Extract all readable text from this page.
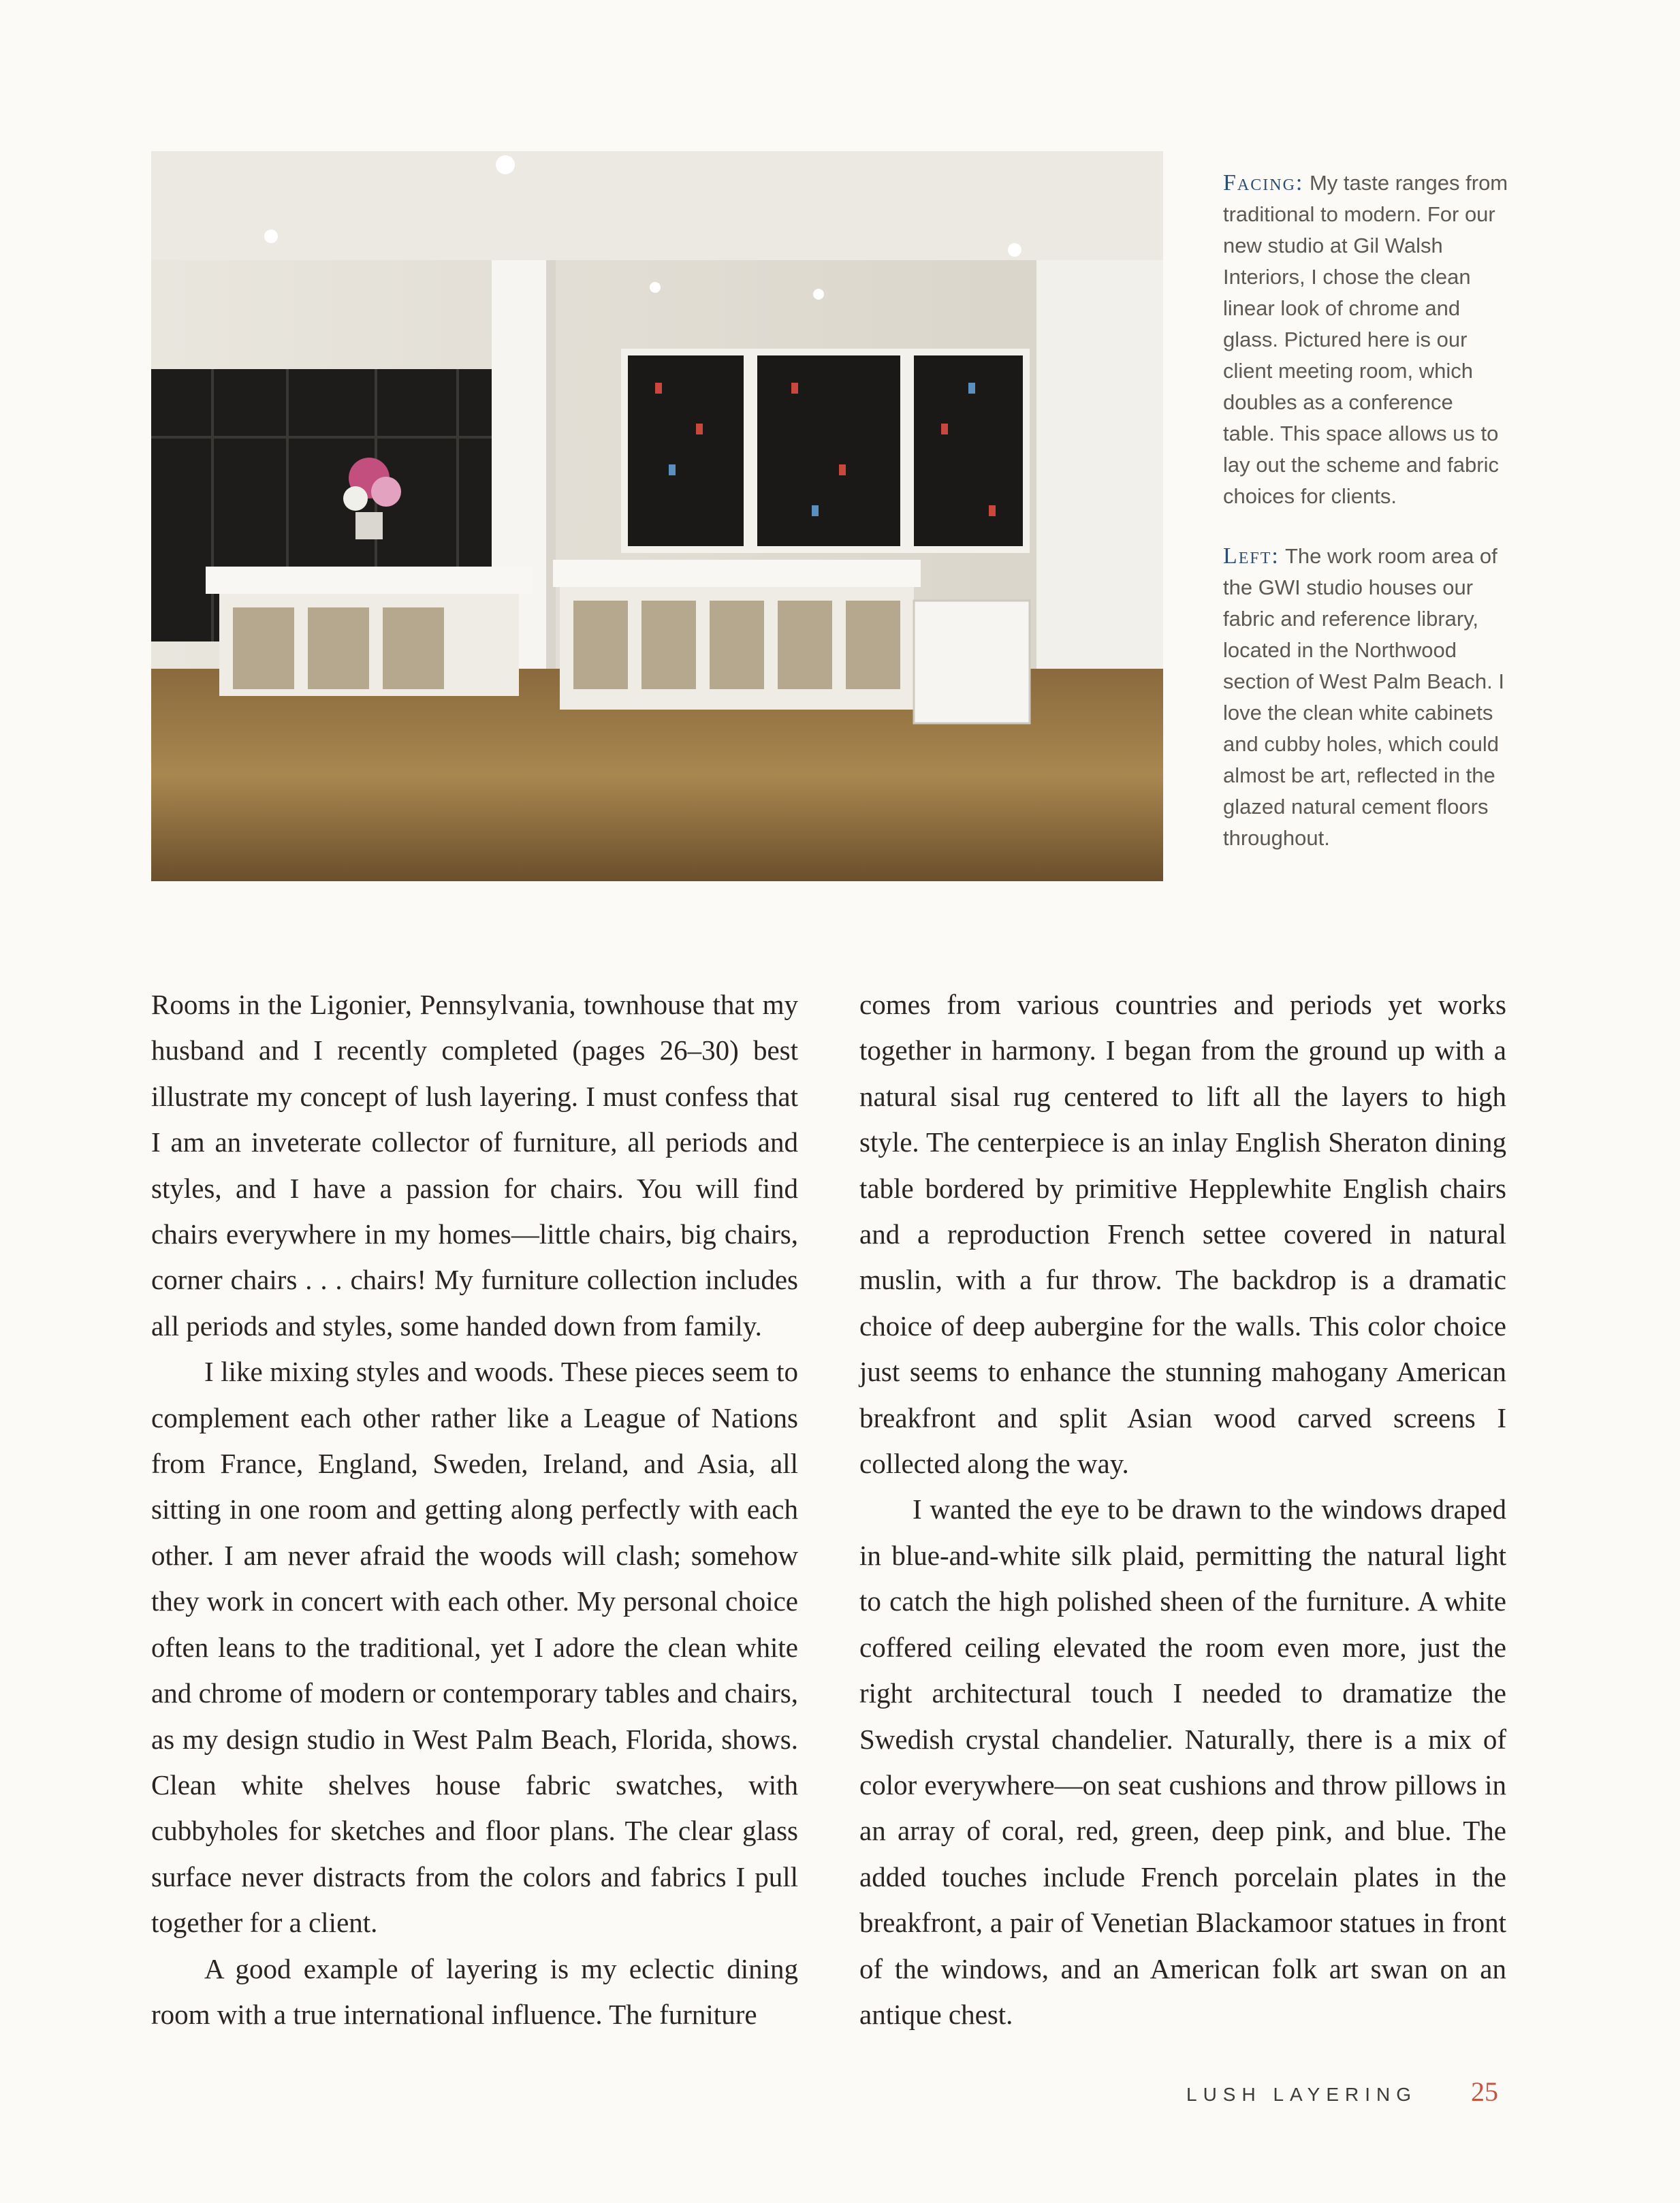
Facing: My taste ranges from traditional to modern. For our new studio at Gil Walsh Interiors, I chose the clean linear look of chrome and glass. Pictured here is our client meeting room, which doubles as a conference table. This space allows us to lay out the scheme and fabric choices for clients.

Left: The work room area of the GWI studio houses our fabric and reference library, located in the Northwood section of West Palm Beach. I love the clean white cabinets and cubby holes, which could almost be art, reflected in the glazed natural cement floors throughout.

Rooms in the Ligonier, Pennsylvania, townhouse that my husband and I recently completed (pages 26–30) best illustrate my concept of lush layering. I must confess that I am an inveterate collector of furniture, all periods and styles, and I have a passion for chairs. You will find chairs everywhere in my homes—little chairs, big chairs, corner chairs . . . chairs! My furniture collection includes all periods and styles, some handed down from family.

I like mixing styles and woods. These pieces seem to complement each other rather like a League of Nations from France, England, Sweden, Ireland, and Asia, all sitting in one room and getting along perfectly with each other. I am never afraid the woods will clash; somehow they work in concert with each other. My personal choice often leans to the traditional, yet I adore the clean white and chrome of modern or contemporary tables and chairs, as my design studio in West Palm Beach, Florida, shows. Clean white shelves house fabric swatches, with cubbyholes for sketches and floor plans. The clear glass surface never distracts from the colors and fabrics I pull together for a client.

A good example of layering is my eclectic dining room with a true international influence. The furniture

comes from various countries and periods yet works together in harmony. I began from the ground up with a natural sisal rug centered to lift all the layers to high style. The centerpiece is an inlay English Sheraton dining table bordered by primitive Hepplewhite English chairs and a reproduction French settee covered in natural muslin, with a fur throw. The backdrop is a dramatic choice of deep aubergine for the walls. This color choice just seems to enhance the stunning mahogany American breakfront and split Asian wood carved screens I collected along the way.

I wanted the eye to be drawn to the windows draped in blue-and-white silk plaid, permitting the natural light to catch the high polished sheen of the furniture. A white coffered ceiling elevated the room even more, just the right architectural touch I needed to dramatize the Swedish crystal chandelier. Naturally, there is a mix of color everywhere—on seat cushions and throw pillows in an array of coral, red, green, deep pink, and blue. The added touches include French porcelain plates in the breakfront, a pair of Venetian Blackamoor statues in front of the windows, and an American folk art swan on an antique chest.

LUSH LAYERING 25
